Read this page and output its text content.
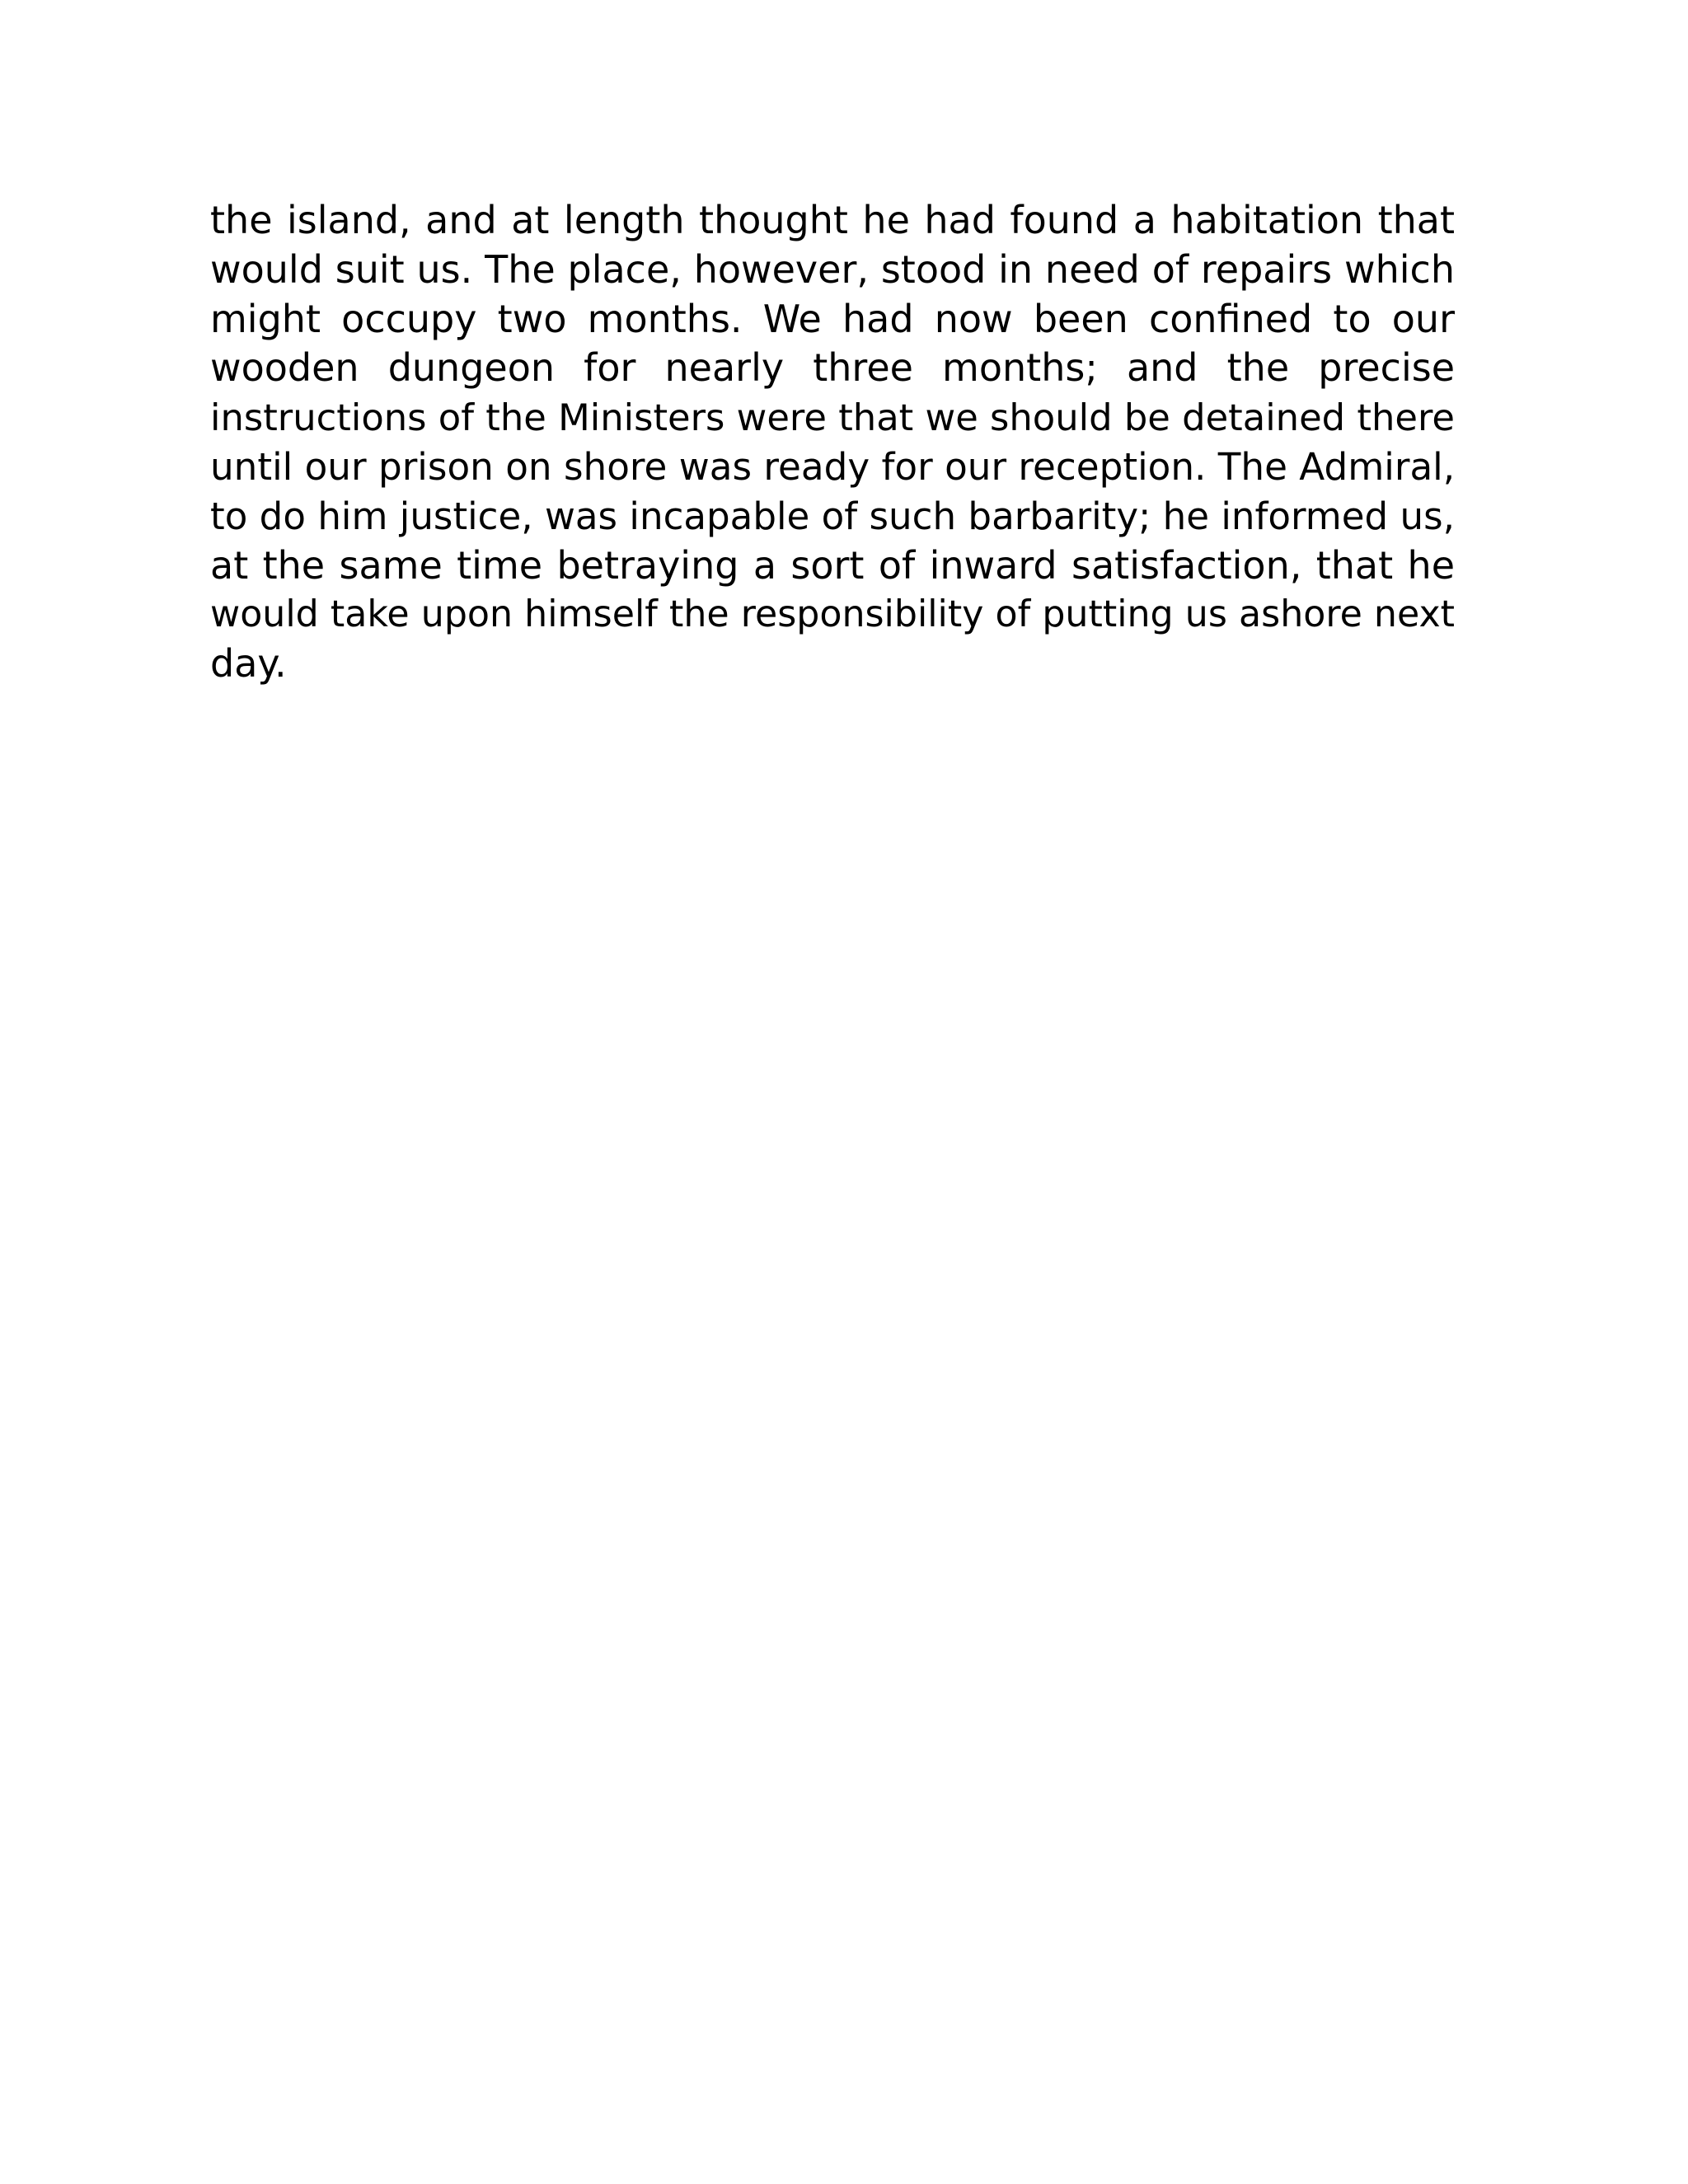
the island, and at length thought he had found a habitation that
would suit us. The place, however, stood in need of repairs which
might occupy two months. We had now been confined to our
wooden dungeon for nearly three months; and the precise
instructions of the Ministers were that we should be detained there
until our prison on shore was ready for our reception. The Admiral,
to do him justice, was incapable of such barbarity; he informed us,
at the same time betraying a sort of inward satisfaction, that he
would take upon himself the responsibility of putting us ashore next
day.
